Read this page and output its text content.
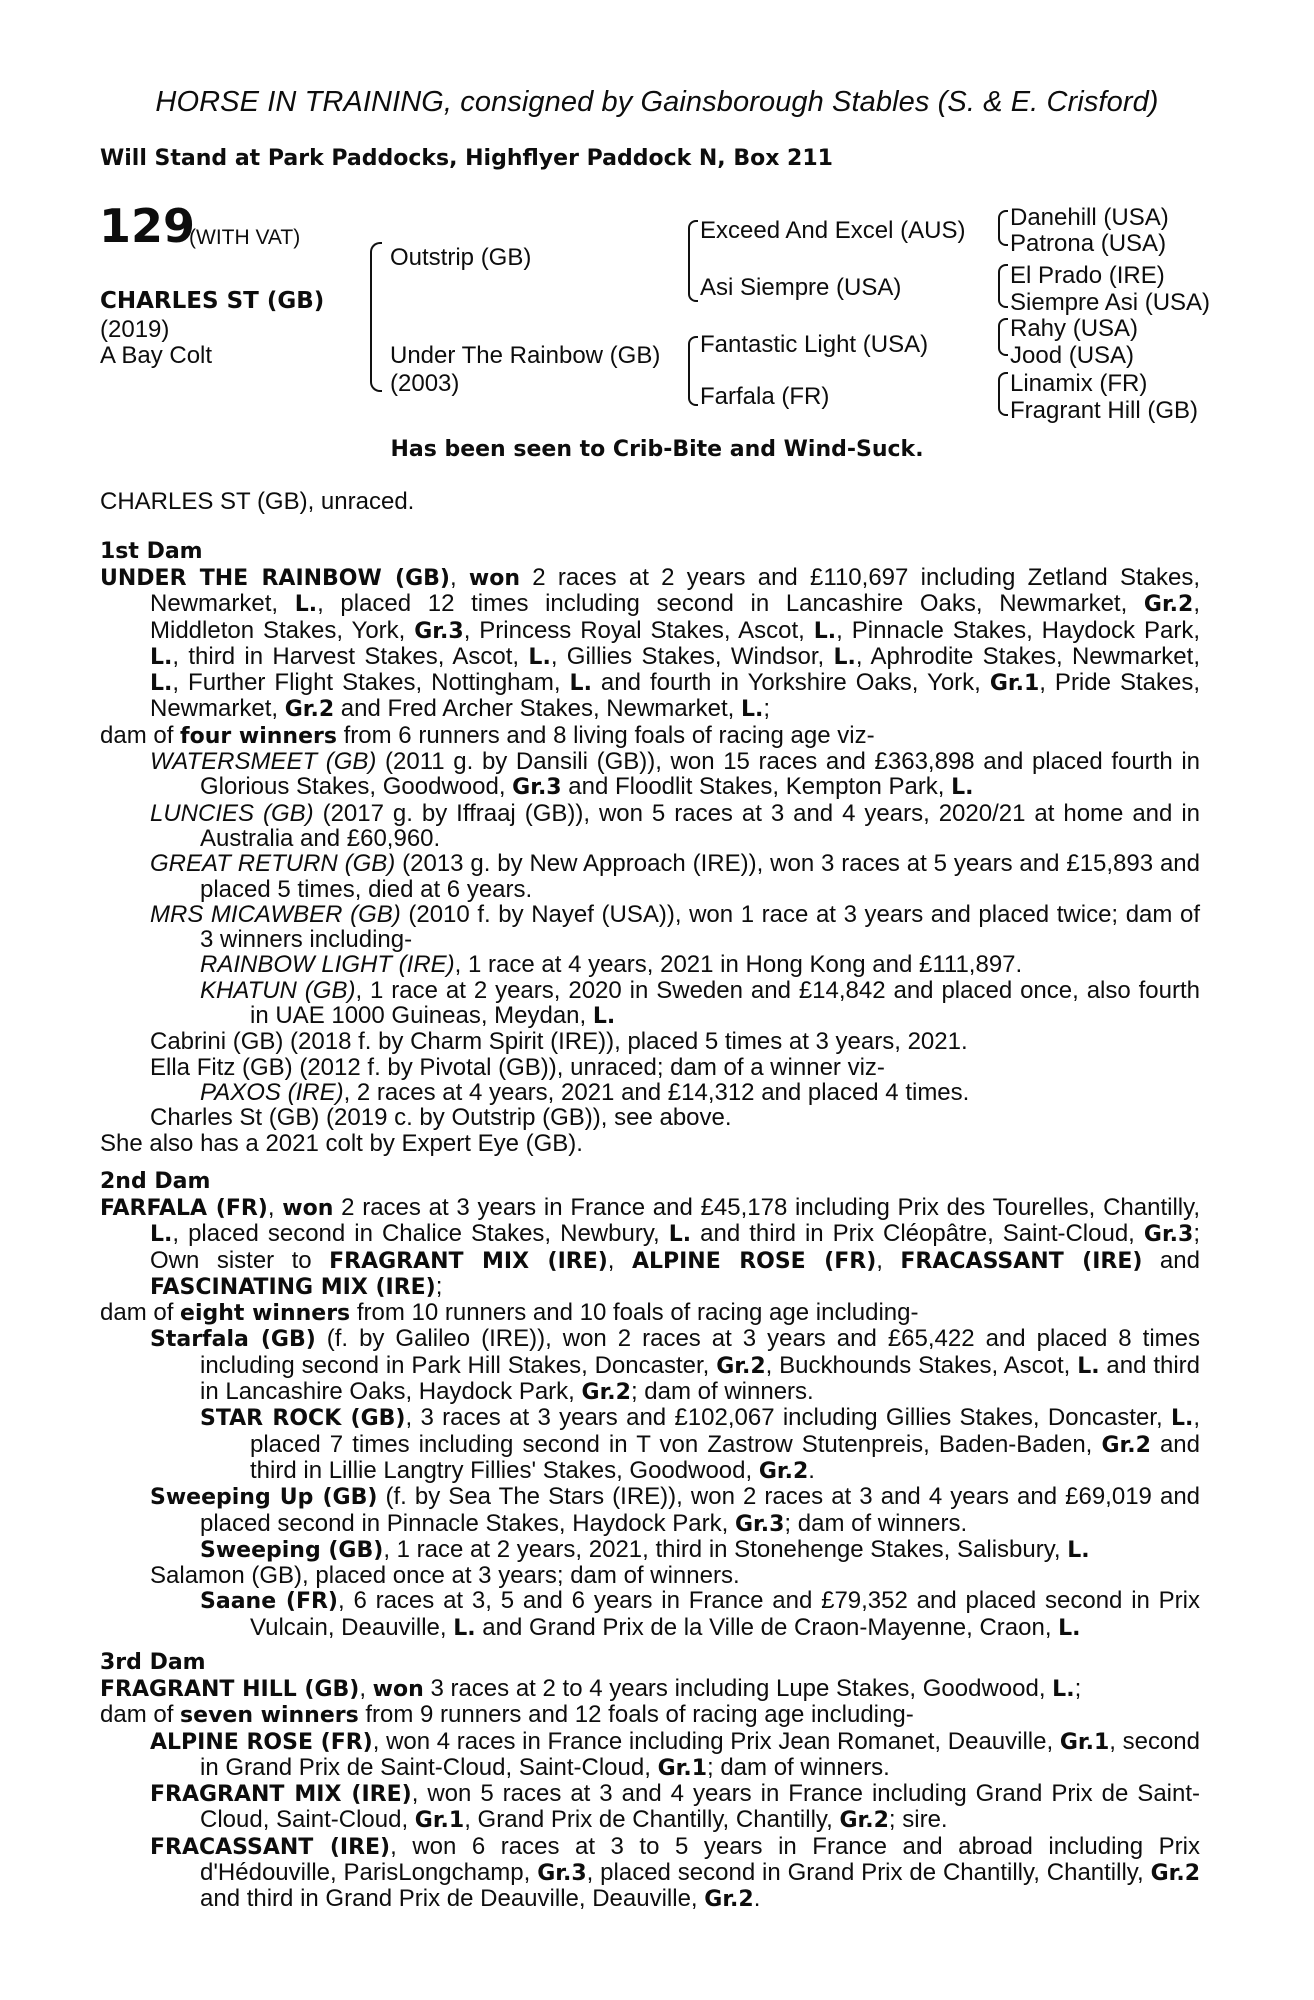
HORSE IN TRAINING, consigned by Gainsborough Stables (S. & E. Crisford)
Will Stand at Park Paddocks, Highflyer Paddock N, Box 211
129
(WITH VAT)
CHARLES ST (GB)
(2019)
A Bay Colt
Outstrip (GB)
Under The Rainbow (GB)
(2003)
Exceed And Excel (AUS)
Asi Siempre (USA)
Fantastic Light (USA)
Farfala (FR)
Danehill (USA)
Patrona (USA)
El Prado (IRE)
Siempre Asi (USA)
Rahy (USA)
Jood (USA)
Linamix (FR)
Fragrant Hill (GB)
Has been seen to Crib-Bite and Wind-Suck.
CHARLES ST (GB), unraced.
1st Dam
UNDER THE RAINBOW (GB), won 2 races at 2 years and £110,697 including Zetland Stakes, Newmarket, L., placed 12 times including second in Lancashire Oaks, Newmarket, Gr.2, Middleton Stakes, York, Gr.3, Princess Royal Stakes, Ascot, L., Pinnacle Stakes, Haydock Park, L., third in Harvest Stakes, Ascot, L., Gillies Stakes, Windsor, L., Aphrodite Stakes, Newmarket, L., Further Flight Stakes, Nottingham, L. and fourth in Yorkshire Oaks, York, Gr.1, Pride Stakes, Newmarket, Gr.2 and Fred Archer Stakes, Newmarket, L.;
dam of four winners from 6 runners and 8 living foals of racing age viz-
WATERSMEET (GB) (2011 g. by Dansili (GB)), won 15 races and £363,898 and placed fourth in Glorious Stakes, Goodwood, Gr.3 and Floodlit Stakes, Kempton Park, L.
LUNCIES (GB) (2017 g. by Iffraaj (GB)), won 5 races at 3 and 4 years, 2020/21 at home and in Australia and £60,960.
GREAT RETURN (GB) (2013 g. by New Approach (IRE)), won 3 races at 5 years and £15,893 and placed 5 times, died at 6 years.
MRS MICAWBER (GB) (2010 f. by Nayef (USA)), won 1 race at 3 years and placed twice; dam of 3 winners including-
RAINBOW LIGHT (IRE), 1 race at 4 years, 2021 in Hong Kong and £111,897.
KHATUN (GB), 1 race at 2 years, 2020 in Sweden and £14,842 and placed once, also fourth in UAE 1000 Guineas, Meydan, L.
Cabrini (GB) (2018 f. by Charm Spirit (IRE)), placed 5 times at 3 years, 2021.
Ella Fitz (GB) (2012 f. by Pivotal (GB)), unraced; dam of a winner viz-
PAXOS (IRE), 2 races at 4 years, 2021 and £14,312 and placed 4 times.
Charles St (GB) (2019 c. by Outstrip (GB)), see above.
She also has a 2021 colt by Expert Eye (GB).
2nd Dam
FARFALA (FR), won 2 races at 3 years in France and £45,178 including Prix des Tourelles, Chantilly, L., placed second in Chalice Stakes, Newbury, L. and third in Prix Cléopâtre, Saint-Cloud, Gr.3; Own sister to FRAGRANT MIX (IRE), ALPINE ROSE (FR), FRACASSANT (IRE) and FASCINATING MIX (IRE);
dam of eight winners from 10 runners and 10 foals of racing age including-
Starfala (GB) (f. by Galileo (IRE)), won 2 races at 3 years and £65,422 and placed 8 times including second in Park Hill Stakes, Doncaster, Gr.2, Buckhounds Stakes, Ascot, L. and third in Lancashire Oaks, Haydock Park, Gr.2; dam of winners.
STAR ROCK (GB), 3 races at 3 years and £102,067 including Gillies Stakes, Doncaster, L., placed 7 times including second in T von Zastrow Stutenpreis, Baden-Baden, Gr.2 and third in Lillie Langtry Fillies' Stakes, Goodwood, Gr.2.
Sweeping Up (GB) (f. by Sea The Stars (IRE)), won 2 races at 3 and 4 years and £69,019 and placed second in Pinnacle Stakes, Haydock Park, Gr.3; dam of winners.
Sweeping (GB), 1 race at 2 years, 2021, third in Stonehenge Stakes, Salisbury, L.
Salamon (GB), placed once at 3 years; dam of winners.
Saane (FR), 6 races at 3, 5 and 6 years in France and £79,352 and placed second in Prix Vulcain, Deauville, L. and Grand Prix de la Ville de Craon-Mayenne, Craon, L.
3rd Dam
FRAGRANT HILL (GB), won 3 races at 2 to 4 years including Lupe Stakes, Goodwood, L.;
dam of seven winners from 9 runners and 12 foals of racing age including-
ALPINE ROSE (FR), won 4 races in France including Prix Jean Romanet, Deauville, Gr.1, second in Grand Prix de Saint-Cloud, Saint-Cloud, Gr.1; dam of winners.
FRAGRANT MIX (IRE), won 5 races at 3 and 4 years in France including Grand Prix de Saint-Cloud, Saint-Cloud, Gr.1, Grand Prix de Chantilly, Chantilly, Gr.2; sire.
FRACASSANT (IRE), won 6 races at 3 to 5 years in France and abroad including Prix d'Hédouville, ParisLongchamp, Gr.3, placed second in Grand Prix de Chantilly, Chantilly, Gr.2 and third in Grand Prix de Deauville, Deauville, Gr.2.
